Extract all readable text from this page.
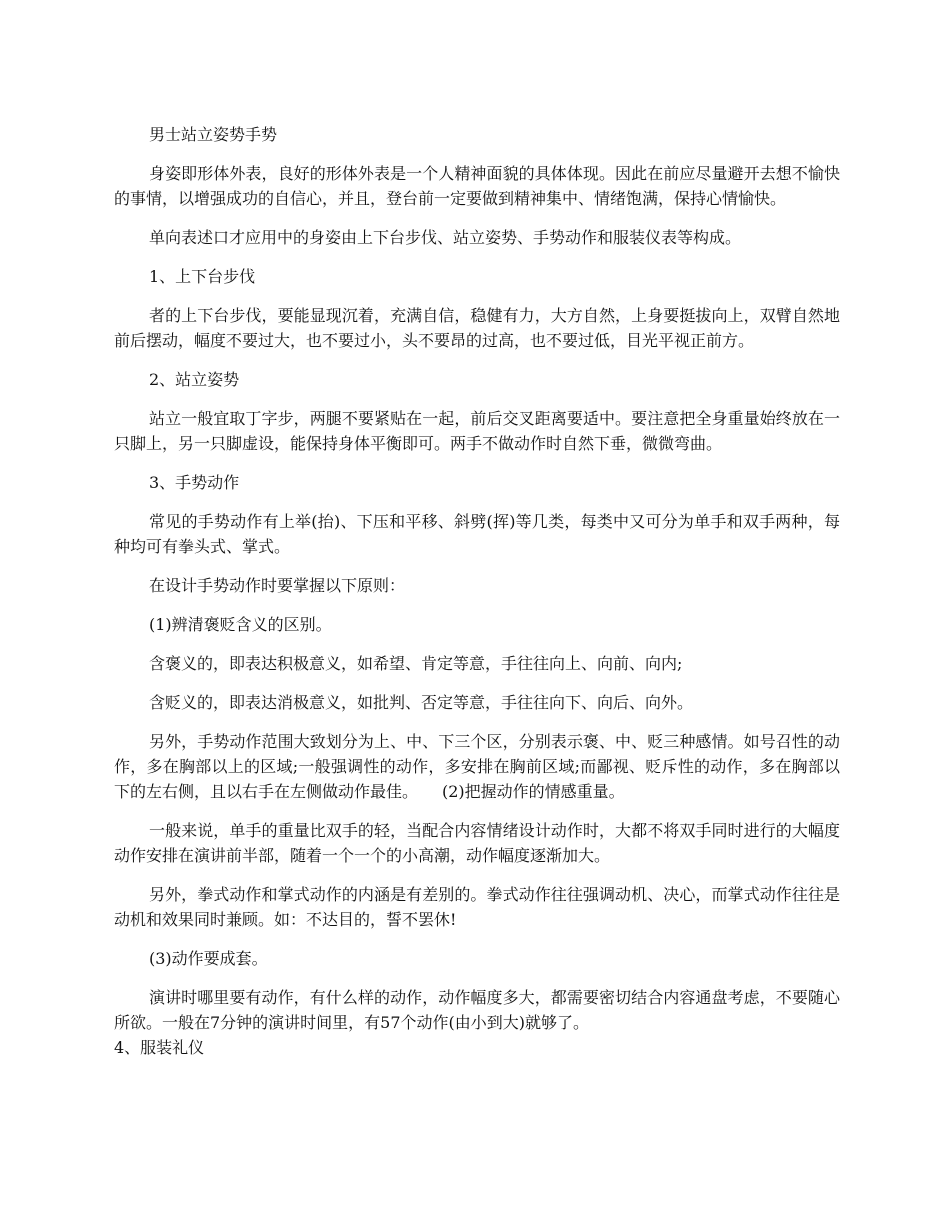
男士站立姿势手势

身姿即形体外表，良好的形体外表是一个人精神面貌的具体体现。因此在前应尽量避开去想不愉快的事情，以增强成功的自信心，并且，登台前一定要做到精神集中、情绪饱满，保持心情愉快。

单向表述口才应用中的身姿由上下台步伐、站立姿势、手势动作和服装仪表等构成。

1、上下台步伐

者的上下台步伐，要能显现沉着，充满自信，稳健有力，大方自然，上身要挺拔向上，双臂自然地前后摆动，幅度不要过大，也不要过小，头不要昂的过高，也不要过低，目光平视正前方。

2、站立姿势

站立一般宜取丁字步，两腿不要紧贴在一起，前后交叉距离要适中。要注意把全身重量始终放在一只脚上，另一只脚虚设，能保持身体平衡即可。两手不做动作时自然下垂，微微弯曲。

3、手势动作

常见的手势动作有上举(抬)、下压和平移、斜劈(挥)等几类，每类中又可分为单手和双手两种，每种均可有拳头式、掌式。

在设计手势动作时要掌握以下原则：

(1)辨清褒贬含义的区别。

含褒义的，即表达积极意义，如希望、肯定等意，手往往向上、向前、向内;

含贬义的，即表达消极意义，如批判、否定等意，手往往向下、向后、向外。

另外，手势动作范围大致划分为上、中、下三个区，分别表示褒、中、贬三种感情。如号召性的动作，多在胸部以上的区域;一般强调性的动作，多安排在胸前区域;而鄙视、贬斥性的动作，多在胸部以下的左右侧，且以右手在左侧做动作最佳。　　(2)把握动作的情感重量。

一般来说，单手的重量比双手的轻，当配合内容情绪设计动作时，大都不将双手同时进行的大幅度动作安排在演讲前半部，随着一个一个的小高潮，动作幅度逐渐加大。

另外，拳式动作和掌式动作的内涵是有差别的。拳式动作往往强调动机、决心，而掌式动作往往是动机和效果同时兼顾。如：不达目的，誓不罢休!

(3)动作要成套。

演讲时哪里要有动作，有什么样的动作，动作幅度多大，都需要密切结合内容通盘考虑，不要随心所欲。一般在7分钟的演讲时间里，有57个动作(由小到大)就够了。

4、服装礼仪
